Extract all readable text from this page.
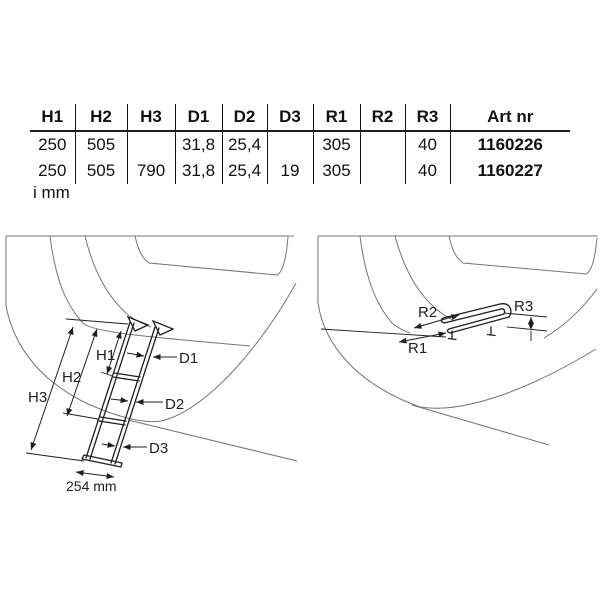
H1	H2	H3	D1	D2	D3	R1	R2	R3	Art nr
250	505		31,8	25,4		305		40	1160226
250	505	790	31,8	25,4	19	305		40	1160227
i mm
H1
H2
H3
D1
D2
D3
254 mm
R2
R1
R3
